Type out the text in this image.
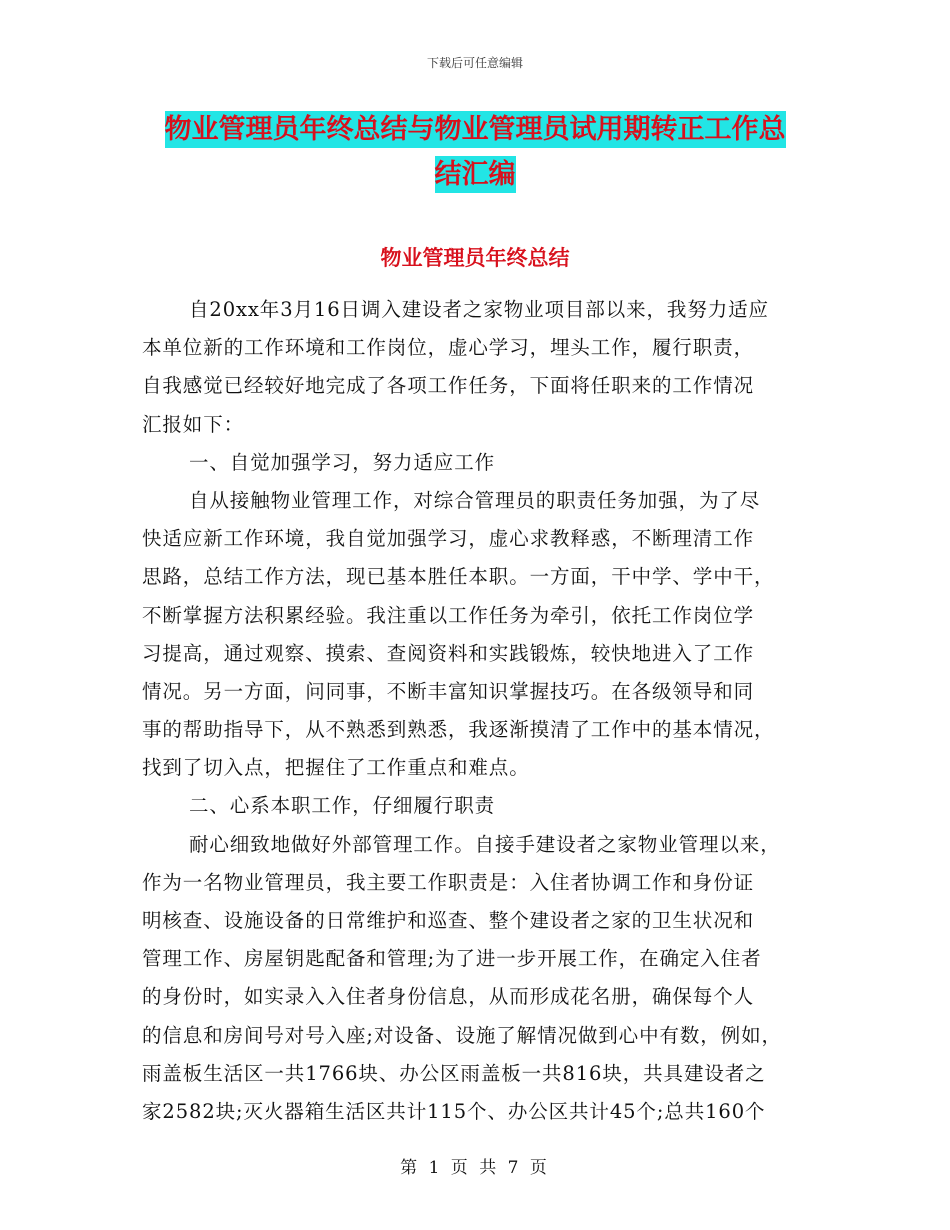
下载后可任意编辑
物业管理员年终总结与物业管理员试用期转正工作总
结汇编
物业管理员年终总结
自20xx年3月16日调入建设者之家物业项目部以来，我努力适应
本单位新的工作环境和工作岗位，虚心学习，埋头工作，履行职责，
自我感觉已经较好地完成了各项工作任务，下面将任职来的工作情况
汇报如下：
一、自觉加强学习，努力适应工作
自从接触物业管理工作，对综合管理员的职责任务加强，为了尽
快适应新工作环境，我自觉加强学习，虚心求教释惑，不断理清工作
思路，总结工作方法，现已基本胜任本职。一方面，干中学、学中干，
不断掌握方法积累经验。我注重以工作任务为牵引，依托工作岗位学
习提高，通过观察、摸索、查阅资料和实践锻炼，较快地进入了工作
情况。另一方面，问同事，不断丰富知识掌握技巧。在各级领导和同
事的帮助指导下，从不熟悉到熟悉，我逐渐摸清了工作中的基本情况，
找到了切入点，把握住了工作重点和难点。
二、心系本职工作，仔细履行职责
耐心细致地做好外部管理工作。自接手建设者之家物业管理以来，
作为一名物业管理员，我主要工作职责是：入住者协调工作和身份证
明核查、设施设备的日常维护和巡查、整个建设者之家的卫生状况和
管理工作、房屋钥匙配备和管理;为了进一步开展工作，在确定入住者
的身份时，如实录入入住者身份信息，从而形成花名册，确保每个人
的信息和房间号对号入座;对设备、设施了解情况做到心中有数，例如，
雨盖板生活区一共1766块、办公区雨盖板一共816块，共具建设者之
家2582块;灭火器箱生活区共计115个、办公区共计45个;总共160个
第 1 页 共 7 页
